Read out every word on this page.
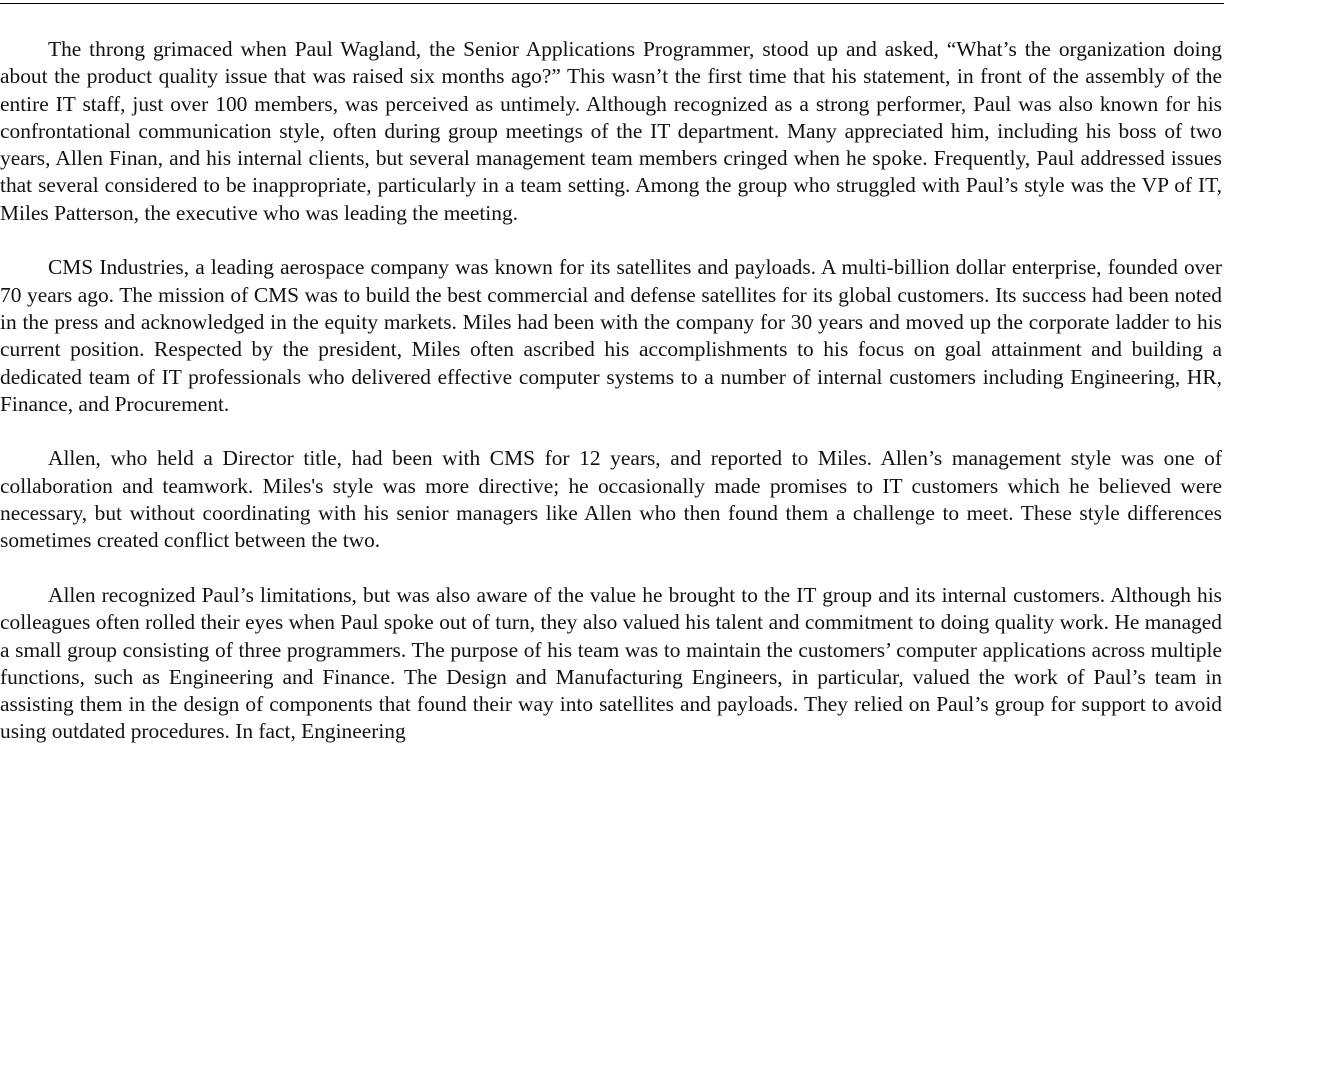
The throng grimaced when Paul Wagland, the Senior Applications Programmer, stood up and asked, “What’s the organization doing about the product quality issue that was raised six months ago?” This wasn’t the first time that his statement, in front of the assembly of the entire IT staff, just over 100 members, was perceived as untimely. Although recognized as a strong performer, Paul was also known for his confrontational communication style, often during group meetings of the IT department. Many appreciated him, including his boss of two years, Allen Finan, and his internal clients, but several management team members cringed when he spoke. Frequently, Paul addressed issues that several considered to be inappropriate, particularly in a team setting. Among the group who struggled with Paul’s style was the VP of IT, Miles Patterson, the executive who was leading the meeting.

CMS Industries, a leading aerospace company was known for its satellites and payloads. A multi-billion dollar enterprise, founded over 70 years ago. The mission of CMS was to build the best commercial and defense satellites for its global customers. Its success had been noted in the press and acknowledged in the equity markets. Miles had been with the company for 30 years and moved up the corporate ladder to his current position. Respected by the president, Miles often ascribed his accomplishments to his focus on goal attainment and building a dedicated team of IT professionals who delivered effective computer systems to a number of internal customers including Engineering, HR, Finance, and Procurement.

Allen, who held a Director title, had been with CMS for 12 years, and reported to Miles. Allen’s management style was one of collaboration and teamwork. Miles's style was more directive; he occasionally made promises to IT customers which he believed were necessary, but without coordinating with his senior managers like Allen who then found them a challenge to meet. These style differences sometimes created conflict between the two.

Allen recognized Paul’s limitations, but was also aware of the value he brought to the IT group and its internal customers. Although his colleagues often rolled their eyes when Paul spoke out of turn, they also valued his talent and commitment to doing quality work. He managed a small group consisting of three programmers. The purpose of his team was to maintain the customers’ computer applications across multiple functions, such as Engineering and Finance. The Design and Manufacturing Engineers, in particular, valued the work of Paul’s team in assisting them in the design of components that found their way into satellites and payloads. They relied on Paul’s group for support to avoid using outdated procedures. In fact, Engineering
